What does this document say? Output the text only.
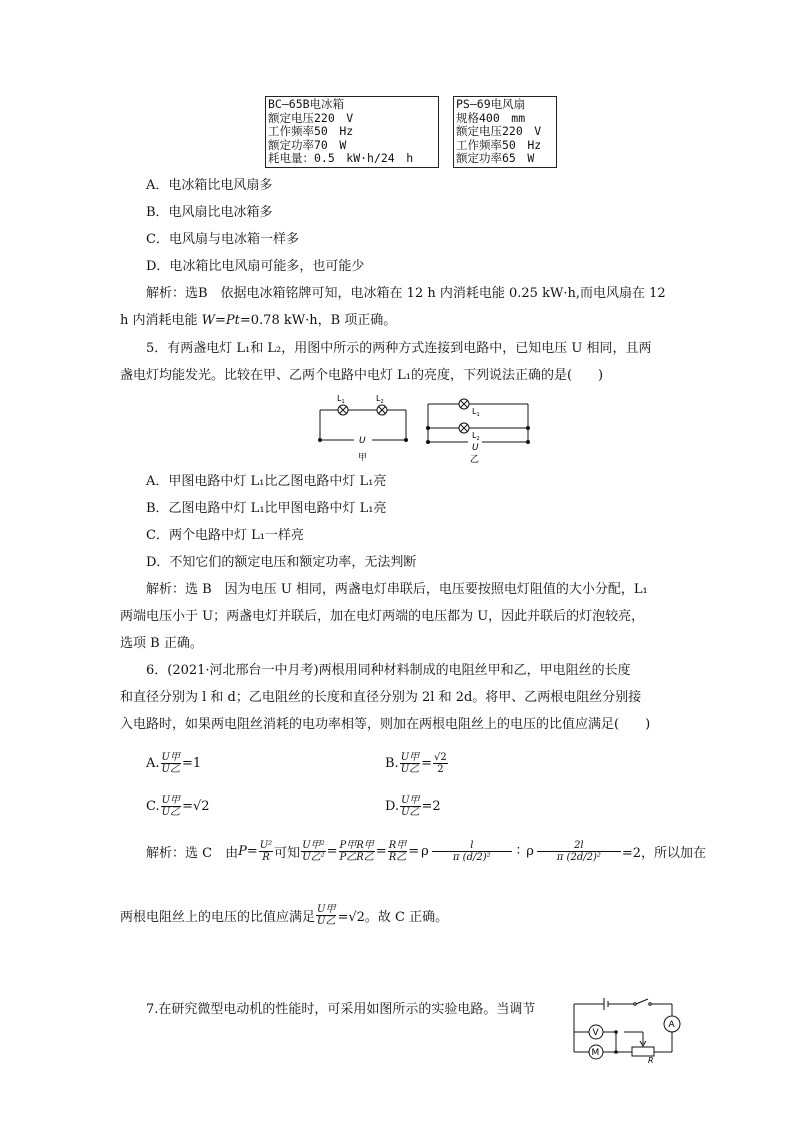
BC—65B电冰箱
额定电压220　V
工作频率50　Hz
额定功率70　W
耗电量：0.5　kW·h/24　h
PS—69电风扇
规格400　mm
额定电压220　V
工作频率50　Hz
额定功率65　W
A．电冰箱比电风扇多
B．电风扇比电冰箱多
C．电风扇与电冰箱一样多
D．电冰箱比电风扇可能多，也可能少
解析：选B　依据电冰箱铭牌可知，电冰箱在 12 h 内消耗电能 0.25 kW·h,而电风扇在 12
h 内消耗电能 W=Pt=0.78 kW·h，B 项正确。
5．有两盏电灯 L₁和 L₂，用图中所示的两种方式连接到电路中，已知电压 U 相同，且两
盏电灯均能发光。比较在甲、乙两个电路中电灯 L₁的亮度，下列说法正确的是(　　)
$L_1$	$L_2$
U
甲
$L_1$
$L_2$
U
乙
A．甲图电路中灯 L₁比乙图电路中灯 L₁亮
B．乙图电路中灯 L₁比甲图电路中灯 L₁亮
C．两个电路中灯 L₁一样亮
D．不知它们的额定电压和额定功率，无法判断
解析：选 B　因为电压 U 相同，两盏电灯串联后，电压要按照电灯阻值的大小分配，L₁
两端电压小于 U；两盏电灯并联后，加在电灯两端的电压都为 U，因此并联后的灯泡较亮，
选项 B 正确。
6．(2021·河北邢台一中月考)两根用同种材料制成的电阻丝甲和乙，甲电阻丝的长度
和直径分别为 l 和 d；乙电阻丝的长度和直径分别为 2l 和 2d。将甲、乙两根电阻丝分别接
入电路时，如果两电阻丝消耗的电功率相等，则加在两根电阻丝上的电压的比值应满足(　　)
A. $\frac{\text{U甲}}{\text{U乙}} =1$	B. $\frac{\text{U甲}}{\text{U乙}} = \frac{√2}{2}$
C. $\frac{\text{U甲}}{\text{U乙}} =√2$	D. $\frac{\text{U甲}}{\text{U乙}} =2$
解析：选 C　由 $P= \frac{\text{U²}}{R}$ 可知 $\frac{\text{U甲²}}{\text{U乙²}} = \frac{\text{P甲R甲}}{\text{P乙R乙}} = \frac{\text{R甲}}{\text{R乙}} = \rho \frac{l}{\text{π (d/2)²}}$ ∶ ρ $\frac{2l}{\text{π (2d/2)²}} =2$，所以加在
两根电阻丝上的电压的比值应满足 $\frac{\text{U甲}}{\text{U乙}} =√2$。故 C 正确。
7.在研究微型电动机的性能时，可采用如图所示的实验电路。当调节
V
M
A
R
